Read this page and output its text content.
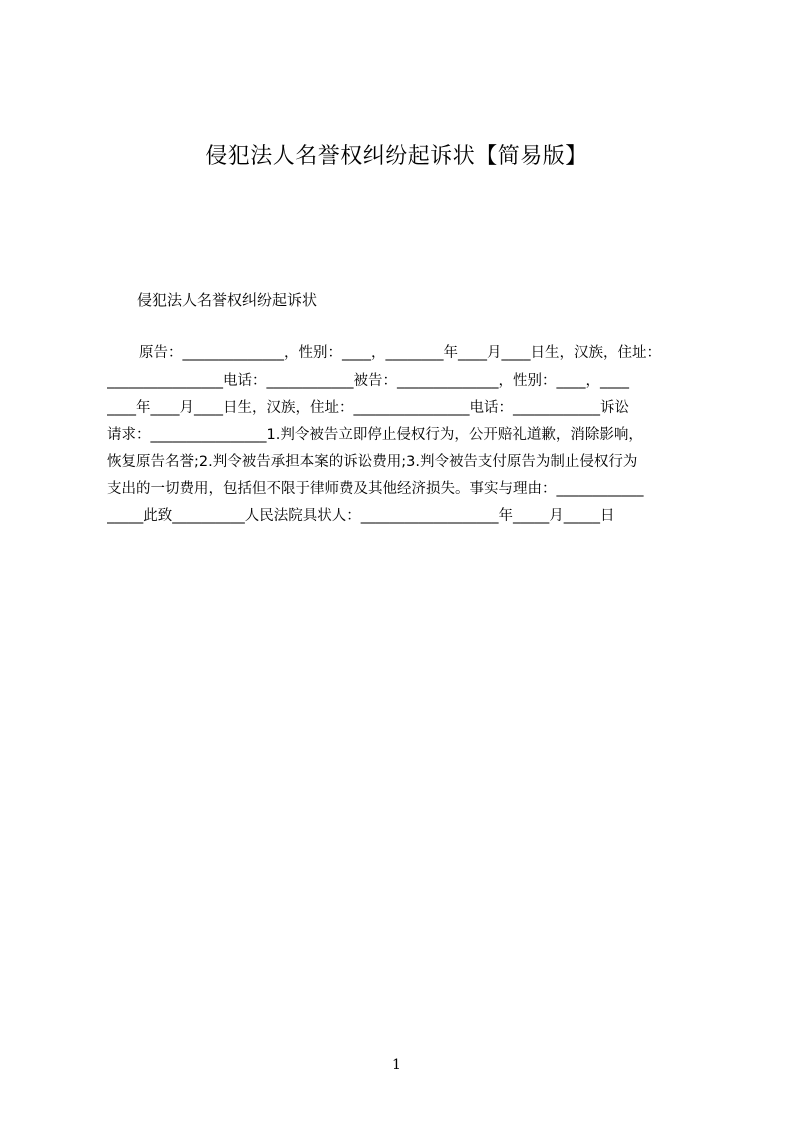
侵犯法人名誉权纠纷起诉状【简易版】
侵犯法人名誉权纠纷起诉状
原告：______________，性别：____，________年____月____日生，汉族，住址：
________________电话：____________被告：______________，性别：____，____
____年____月____日生，汉族，住址：________________电话：____________诉讼
请求：________________1.判令被告立即停止侵权行为，公开赔礼道歉，消除影响，
恢复原告名誉;2.判令被告承担本案的诉讼费用;3.判令被告支付原告为制止侵权行为
支出的一切费用，包括但不限于律师费及其他经济损失。事实与理由：____________
_____此致__________人民法院具状人：___________________年_____月_____日
1
